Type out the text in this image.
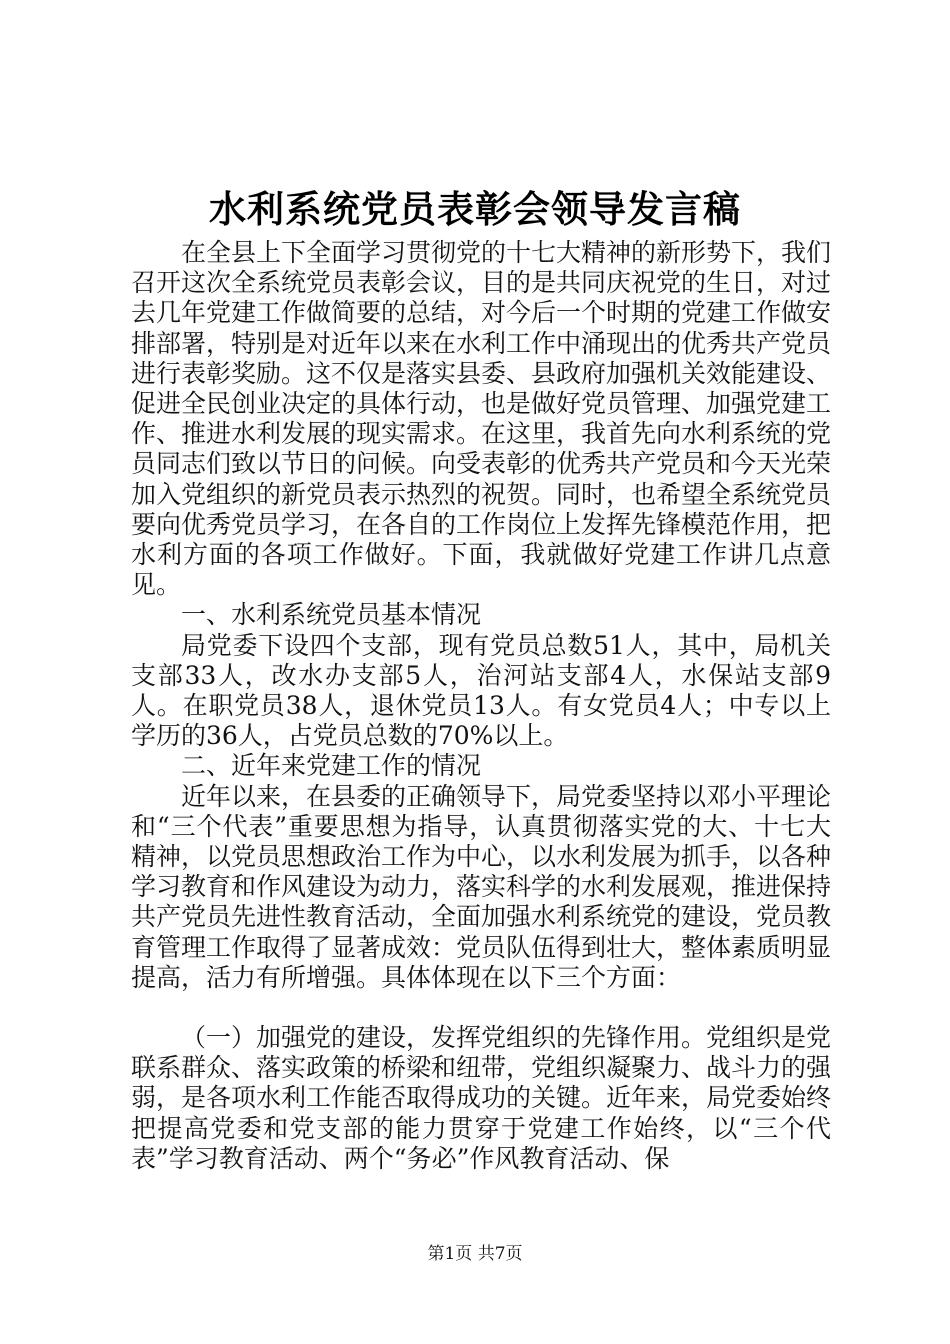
水利系统党员表彰会领导发言稿

在全县上下全面学习贯彻党的十七大精神的新形势下，我们召开这次全系统党员表彰会议，目的是共同庆祝党的生日，对过去几年党建工作做简要的总结，对今后一个时期的党建工作做安排部署，特别是对近年以来在水利工作中涌现出的优秀共产党员进行表彰奖励。这不仅是落实县委、县政府加强机关效能建设、促进全民创业决定的具体行动，也是做好党员管理、加强党建工作、推进水利发展的现实需求。在这里，我首先向水利系统的党员同志们致以节日的问候。向受表彰的优秀共产党员和今天光荣加入党组织的新党员表示热烈的祝贺。同时，也希望全系统党员要向优秀党员学习，在各自的工作岗位上发挥先锋模范作用，把水利方面的各项工作做好。下面，我就做好党建工作讲几点意见。

一、水利系统党员基本情况

局党委下设四个支部，现有党员总数51人，其中，局机关支部33人，改水办支部5人，治河站支部4人，水保站支部9人。在职党员38人，退休党员13人。有女党员4人；中专以上学历的36人，占党员总数的70%以上。

二、近年来党建工作的情况

近年以来，在县委的正确领导下，局党委坚持以邓小平理论和“三个代表”重要思想为指导，认真贯彻落实党的大、十七大精神，以党员思想政治工作为中心，以水利发展为抓手，以各种学习教育和作风建设为动力，落实科学的水利发展观，推进保持共产党员先进性教育活动，全面加强水利系统党的建设，党员教育管理工作取得了显著成效：党员队伍得到壮大，整体素质明显提高，活力有所增强。具体体现在以下三个方面：

（一）加强党的建设，发挥党组织的先锋作用。党组织是党联系群众、落实政策的桥梁和纽带，党组织凝聚力、战斗力的强弱，是各项水利工作能否取得成功的关键。近年来，局党委始终把提高党委和党支部的能力贯穿于党建工作始终，以“三个代表”学习教育活动、两个“务必”作风教育活动、保

第1页 共7页
